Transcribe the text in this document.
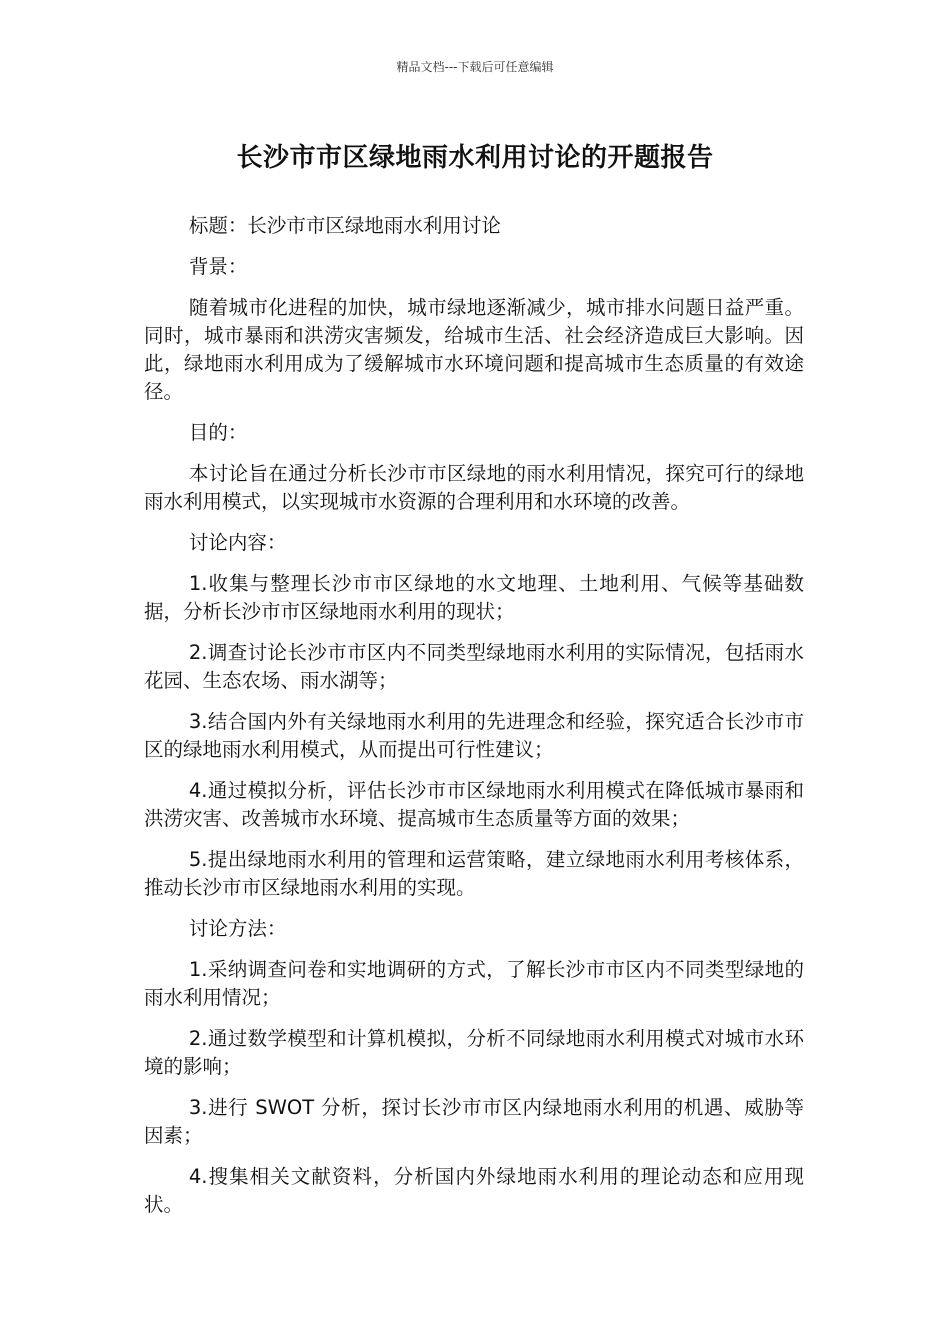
精品文档---下载后可任意编辑
长沙市市区绿地雨水利用讨论的开题报告

标题：长沙市市区绿地雨水利用讨论

背景：

随着城市化进程的加快，城市绿地逐渐减少，城市排水问题日益严重。同时，城市暴雨和洪涝灾害频发，给城市生活、社会经济造成巨大影响。因此，绿地雨水利用成为了缓解城市水环境问题和提高城市生态质量的有效途径。

目的：

本讨论旨在通过分析长沙市市区绿地的雨水利用情况，探究可行的绿地雨水利用模式，以实现城市水资源的合理利用和水环境的改善。

讨论内容：

1.收集与整理长沙市市区绿地的水文地理、土地利用、气候等基础数据，分析长沙市市区绿地雨水利用的现状；

2.调查讨论长沙市市区内不同类型绿地雨水利用的实际情况，包括雨水花园、生态农场、雨水湖等；

3.结合国内外有关绿地雨水利用的先进理念和经验，探究适合长沙市市区的绿地雨水利用模式，从而提出可行性建议；

4.通过模拟分析，评估长沙市市区绿地雨水利用模式在降低城市暴雨和洪涝灾害、改善城市水环境、提高城市生态质量等方面的效果；

5.提出绿地雨水利用的管理和运营策略，建立绿地雨水利用考核体系，推动长沙市市区绿地雨水利用的实现。

讨论方法：

1.采纳调查问卷和实地调研的方式，了解长沙市市区内不同类型绿地的雨水利用情况；

2.通过数学模型和计算机模拟，分析不同绿地雨水利用模式对城市水环境的影响；

3.进行 SWOT 分析，探讨长沙市市区内绿地雨水利用的机遇、威胁等因素；

4.搜集相关文献资料，分析国内外绿地雨水利用的理论动态和应用现状。
